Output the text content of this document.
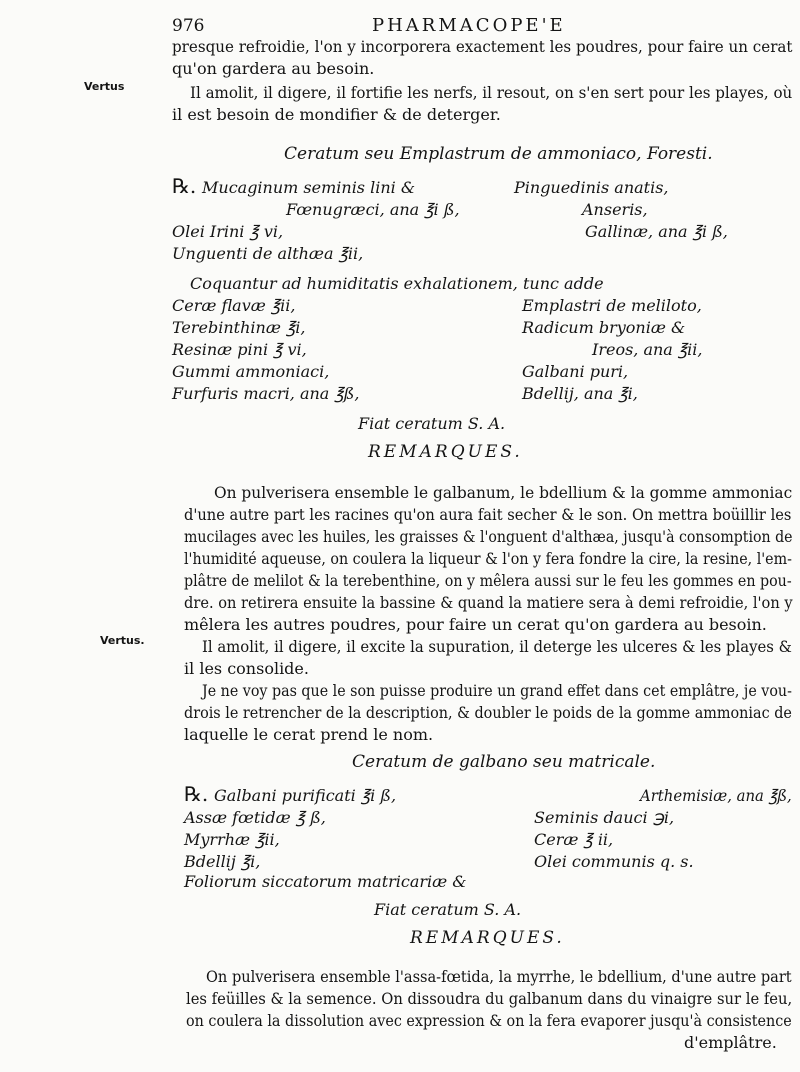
976	PHARMACOPE'E
Vertus
Vertus.
presque refroidie, l'on y incorporera exactement les poudres, pour faire un cerat
qu'on gardera au besoin.
Il amolit, il digere, il fortifie les nerfs, il resout, on s'en sert pour les playes, où
il est besoin de mondifier & de deterger.
Ceratum seu Emplastrum de ammoniaco, Foresti.
℞. Mucaginum seminis lini &
Fœnugræci, ana ℥i ß,
Olei Irini ℥ vi,
Unguenti de althæa ℥ii,
Pinguedinis anatis,
Anseris,
Gallinæ, ana ℥i ß,
Coquantur ad humiditatis exhalationem, tunc adde
Ceræ flavæ ℥ii,
Terebinthinæ ℥i,
Resinæ pini ℥ vi,
Gummi ammoniaci,
Furfuris macri, ana ℥ß,
Emplastri de meliloto,
Radicum bryoniæ &
Ireos, ana ℥ii,
Galbani puri,
Bdellij, ana ℥i,
Fiat ceratum S. A.
REMARQUES.
On pulverisera ensemble le galbanum, le bdellium & la gomme ammoniac
d'une autre part les racines qu'on aura fait secher & le son. On mettra boüillir les
mucilages avec les huiles, les graisses & l'onguent d'althæa, jusqu'à consomption de
l'humidité aqueuse, on coulera la liqueur & l'on y fera fondre la cire, la resine, l'em-
plâtre de melilot & la terebenthine, on y mêlera aussi sur le feu les gommes en pou-
dre. on retirera ensuite la bassine & quand la matiere sera à demi refroidie, l'on y
mêlera les autres poudres, pour faire un cerat qu'on gardera au besoin.
Il amolit, il digere, il excite la supuration, il deterge les ulceres & les playes &
il les consolide.
Je ne voy pas que le son puisse produire un grand effet dans cet emplâtre, je vou-
drois le retrencher de la description, & doubler le poids de la gomme ammoniac de
laquelle le cerat prend le nom.
Ceratum de galbano seu matricale.
℞. Galbani purificati ℥i ß,
Assæ fœtidæ ℥ ß,
Myrrhæ ℥ii,
Bdellij ℥i,
Foliorum siccatorum matricariæ &
Arthemisiæ, ana ℥ß,
Seminis dauci ℈i,
Ceræ ℥ ii,
Olei communis q. s.
Fiat ceratum S. A.
REMARQUES.
On pulverisera ensemble l'assa-fœtida, la myrrhe, le bdellium, d'une autre part
les feüilles & la semence. On dissoudra du galbanum dans du vinaigre sur le feu,
on coulera la dissolution avec expression & on la fera evaporer jusqu'à consistence
d'emplâtre.
